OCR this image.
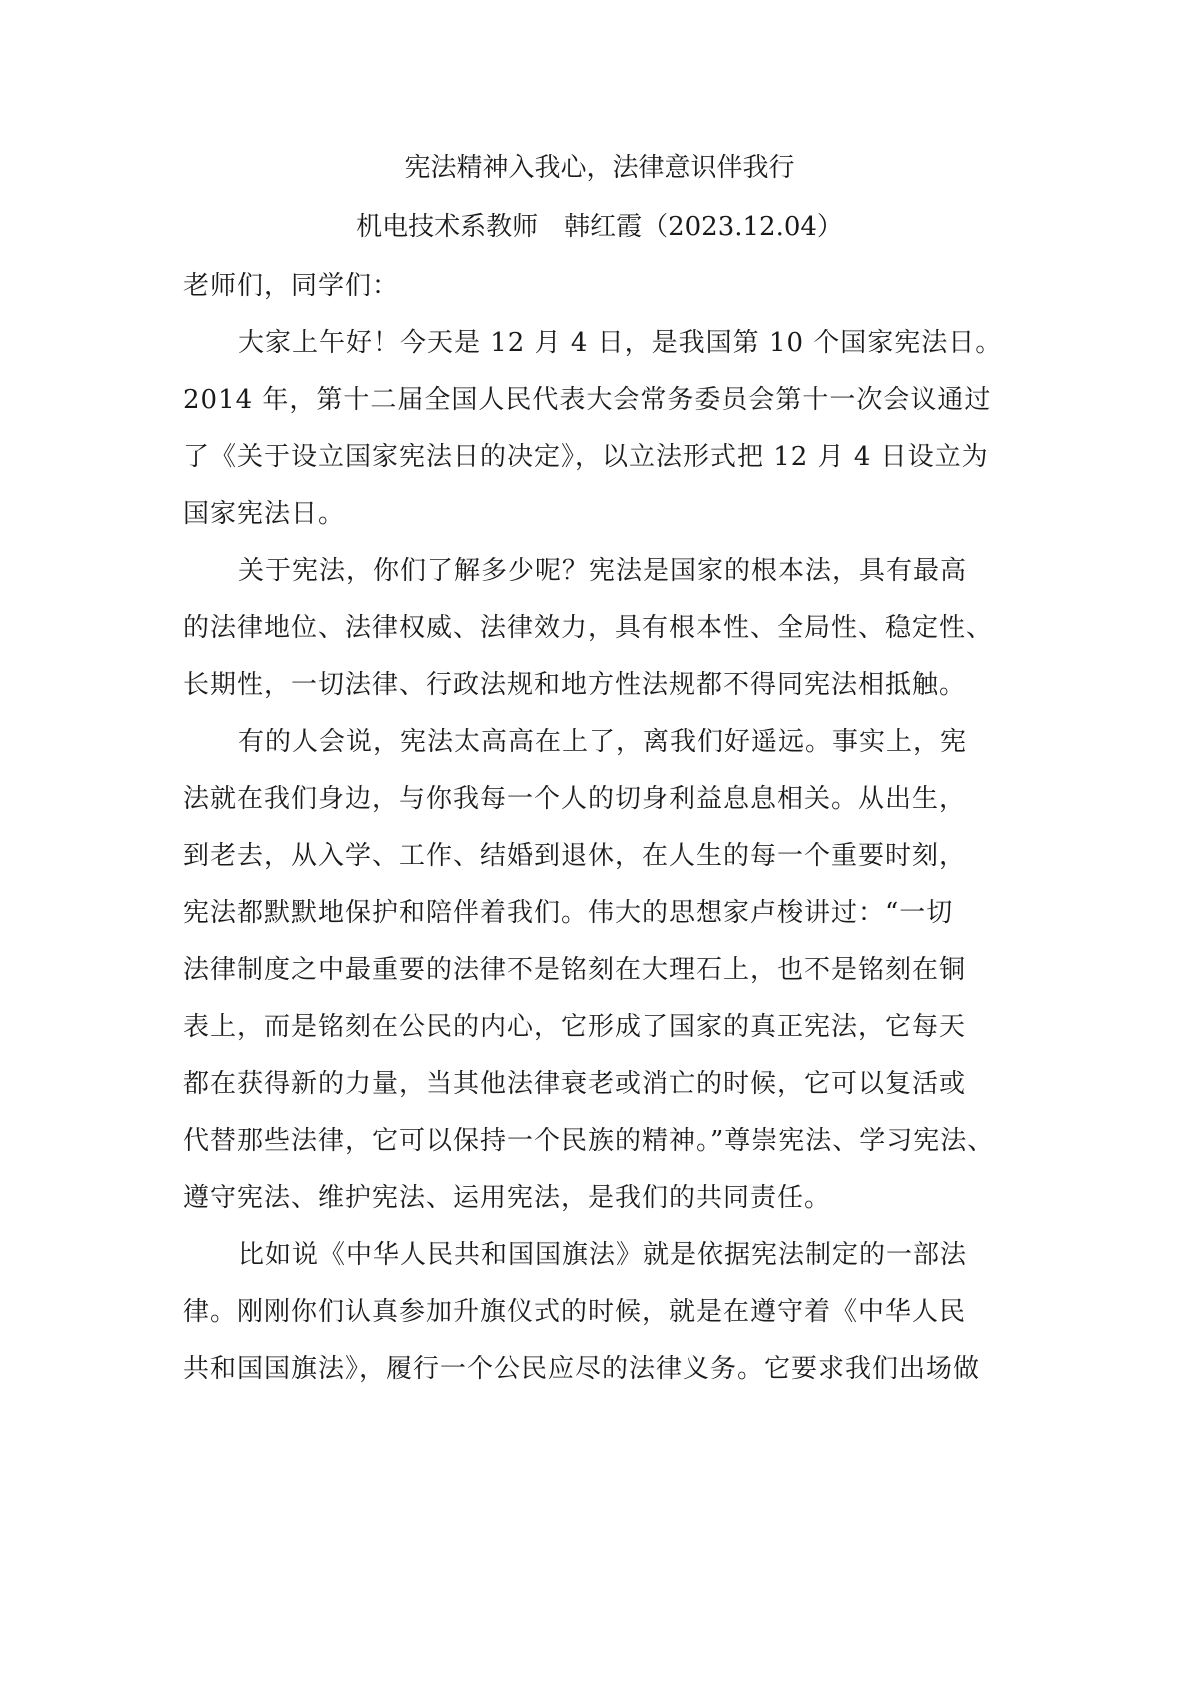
宪法精神入我心，法律意识伴我行
机电技术系教师　韩红霞（2023.12.04）
老师们，同学们：
大家上午好！今天是 12 月 4 日，是我国第 10 个国家宪法日。
2014 年，第十二届全国人民代表大会常务委员会第十一次会议通过
了《关于设立国家宪法日的决定》，以立法形式把 12 月 4 日设立为
国家宪法日。
关于宪法，你们了解多少呢？宪法是国家的根本法，具有最高
的法律地位、法律权威、法律效力，具有根本性、全局性、稳定性、
长期性，一切法律、行政法规和地方性法规都不得同宪法相抵触。
有的人会说，宪法太高高在上了，离我们好遥远。事实上，宪
法就在我们身边，与你我每一个人的切身利益息息相关。从出生，
到老去，从入学、工作、结婚到退休，在人生的每一个重要时刻，
宪法都默默地保护和陪伴着我们。伟大的思想家卢梭讲过：“一切
法律制度之中最重要的法律不是铭刻在大理石上，也不是铭刻在铜
表上，而是铭刻在公民的内心，它形成了国家的真正宪法，它每天
都在获得新的力量，当其他法律衰老或消亡的时候，它可以复活或
代替那些法律，它可以保持一个民族的精神。”尊崇宪法、学习宪法、
遵守宪法、维护宪法、运用宪法，是我们的共同责任。
比如说《中华人民共和国国旗法》就是依据宪法制定的一部法
律。刚刚你们认真参加升旗仪式的时候，就是在遵守着《中华人民
共和国国旗法》，履行一个公民应尽的法律义务。它要求我们出场做
